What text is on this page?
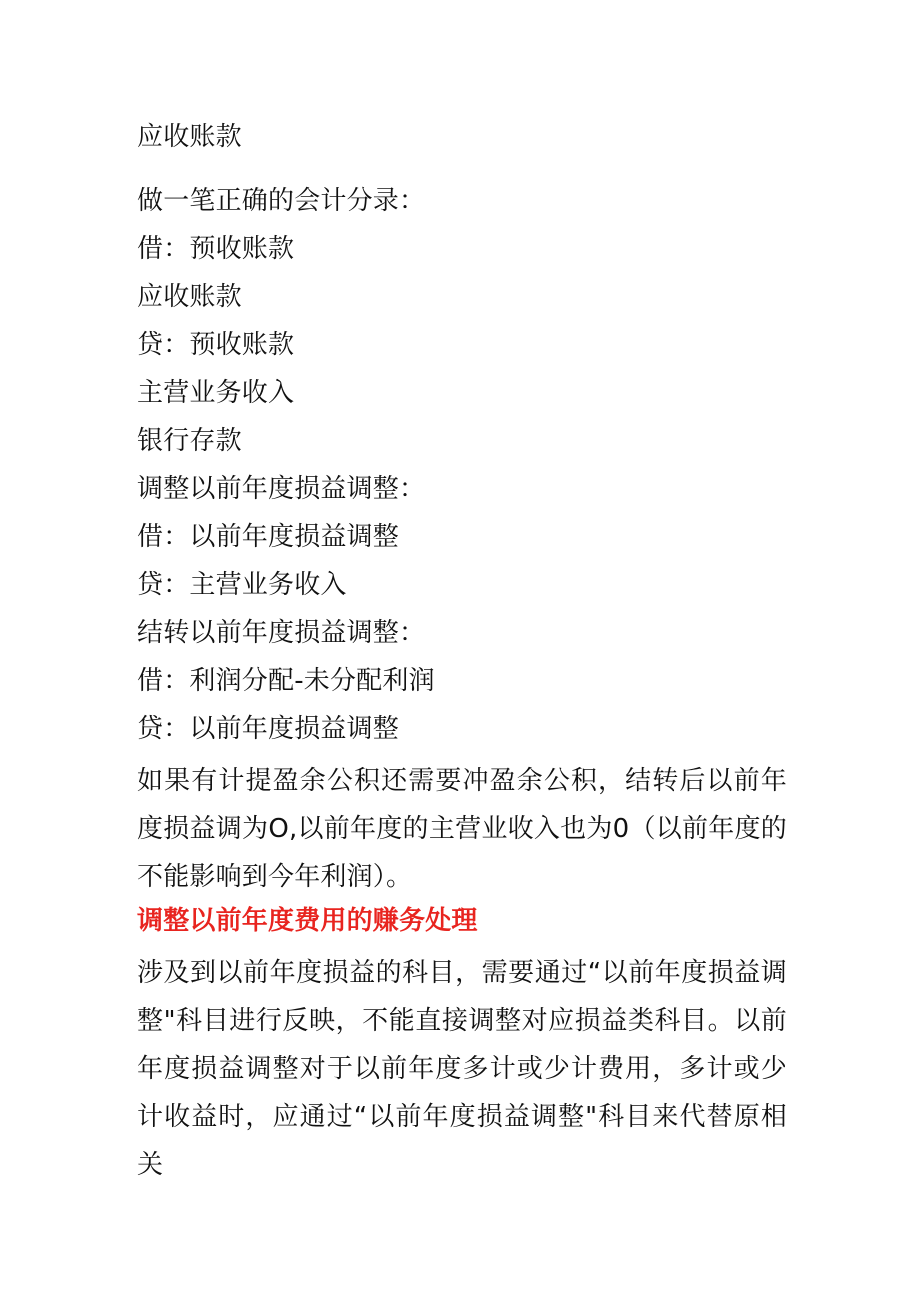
应收账款
做一笔正确的会计分录：
借：预收账款
应收账款
贷：预收账款
主营业务收入
银行存款
调整以前年度损益调整：
借：以前年度损益调整
贷：主营业务收入
结转以前年度损益调整：
借：利润分配-未分配利润
贷：以前年度损益调整
如果有计提盈余公积还需要冲盈余公积，结转后以前年度损益调为O,以前年度的主营业收入也为0（以前年度的不能影响到今年利润）。
调整以前年度费用的赚务处理
涉及到以前年度损益的科目，需要通过“以前年度损益调整"科目进行反映，不能直接调整对应损益类科目。以前年度损益调整对于以前年度多计或少计费用，多计或少计收益时，应通过“以前年度损益调整"科目来代替原相关
